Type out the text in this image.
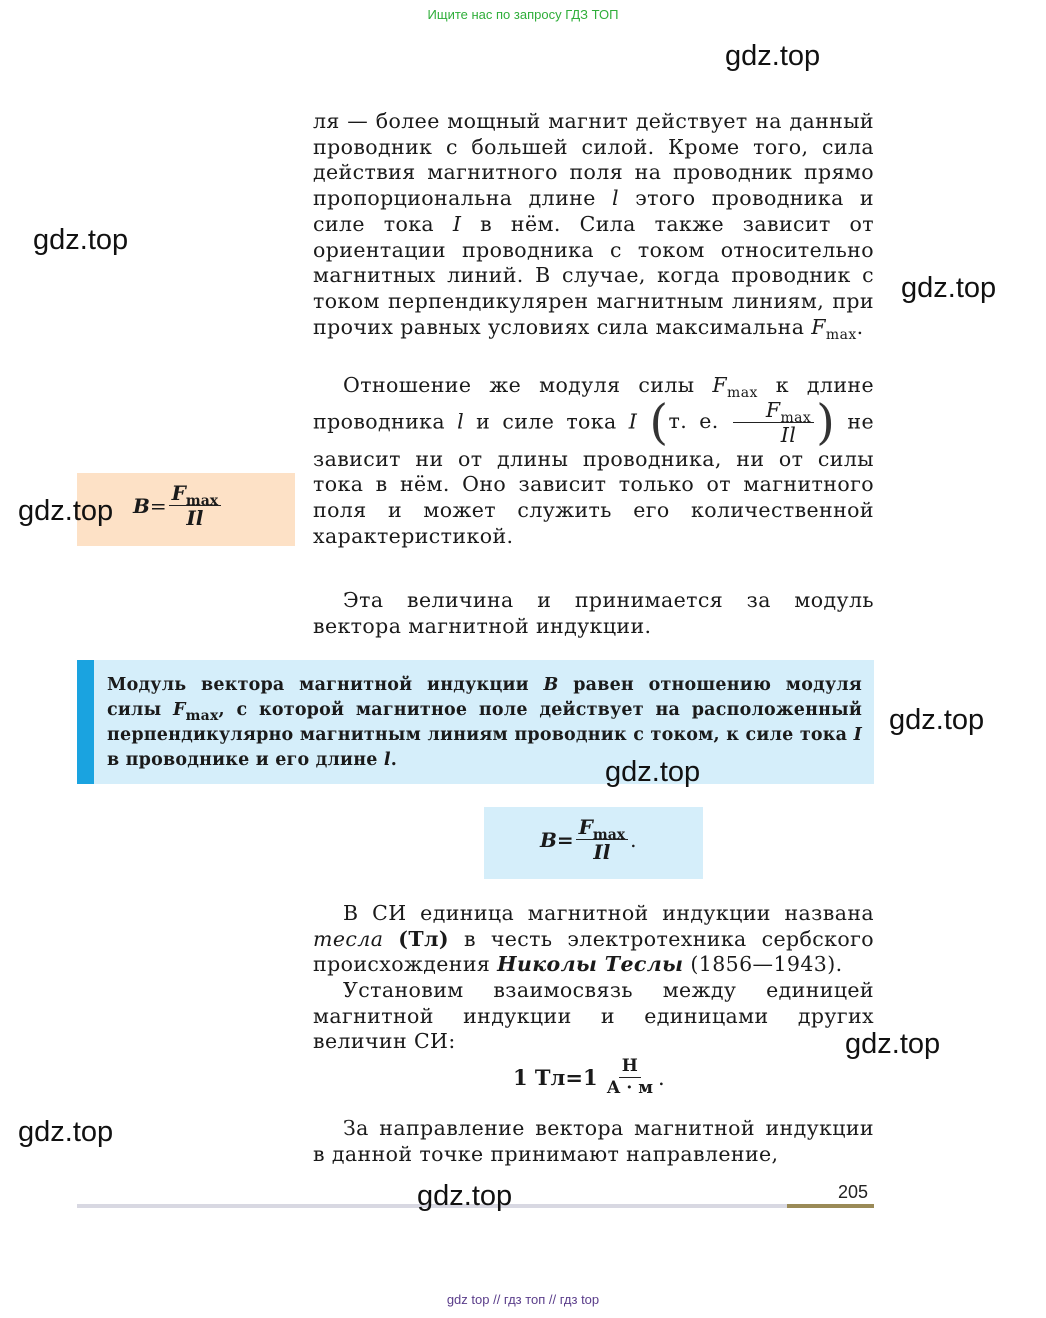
Ищите нас по запросу ГДЗ ТОП
gdz.top
gdz.top
gdz.top
gdz.top
gdz.top
gdz.top
gdz.top
gdz.top
gdz.top

ля — более мощный магнит действует на данный проводник с большей силой. Кроме того, сила действия магнитного поля на проводник прямо пропорциональна длине l этого проводника и силе тока I в нём. Сила также зависит от ориентации проводника с током относительно магнитных линий. В случае, когда проводник с током перпендикулярен магнитным линиям, при прочих равных условиях сила максимальна $F_{max}$.

Отношение же модуля силы $F_{max}$ к длине проводника l и силе тока I (т. е. $\frac{F_{max}}{Il}$ ) не зависит ни от длины проводника, ни от силы тока в нём. Оно зависит только от магнитного поля и может служить его количественной характеристикой.

$B = \frac{F_{max}}{Il}$

Эта величина и принимается за модуль вектора магнитной индукции.

Модуль вектора магнитной индукции B равен отношению модуля силы $F_{max}$, с которой магнитное поле действует на расположенный перпендикулярно магнитным линиям проводник с током, к силе тока I в проводнике и его длине l.
$B = \frac{F_{max}}{Il}$ .

В СИ единица магнитной индукции названа тесла (Тл) в честь электротехника сербского происхождения Николы Теслы (1856—1943).

Установим взаимосвязь между единицей магнитной индукции и единицами других величин СИ:

1 Тл = $1 \frac{Н}{А \cdot м}$ .

За направление вектора магнитной индукции в данной точке принимают направление,

205
gdz top // гдз топ // гдз top
